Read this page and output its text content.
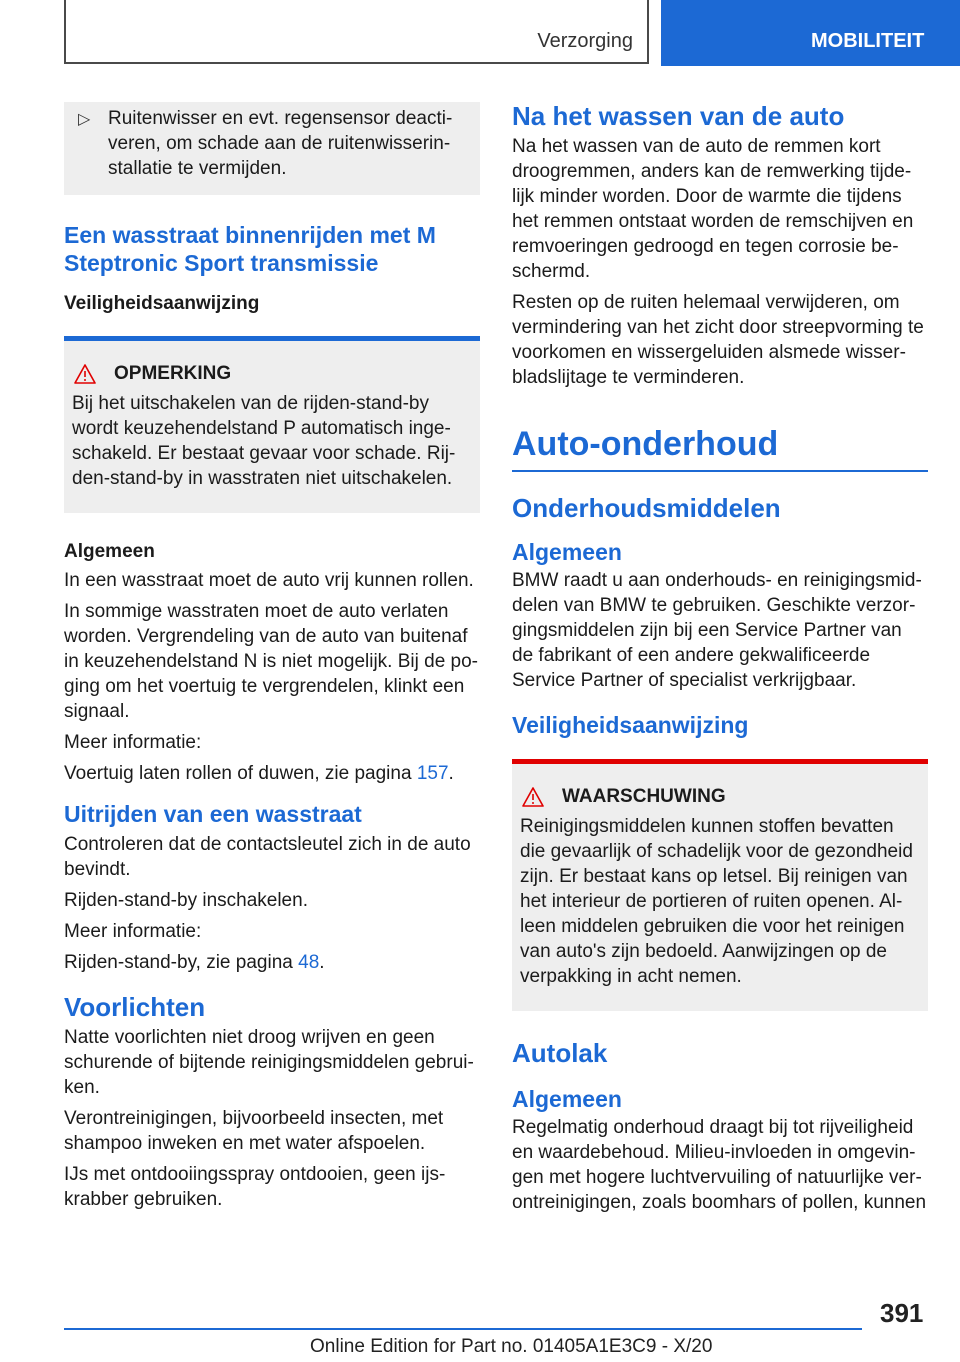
Verzorging	MOBILITEIT
▷ Ruitenwisser en evt. regensensor deacti-veren, om schade aan de ruitenwisserin-stallatie te vermijden.

Een wasstraat binnenrijden met M Steptronic Sport transmissie
Veiligheidsaanwijzing
OPMERKING

Bij het uitschakelen van de rijden-stand-by wordt keuzehendelstand P automatisch inge-schakeld. Er bestaat gevaar voor schade. Rij-den-stand-by in wasstraten niet uitschakelen.

Algemeen

In een wasstraat moet de auto vrij kunnen rollen.

In sommige wasstraten moet de auto verlaten worden. Vergrendeling van de auto van buitenaf in keuzehendelstand N is niet mogelijk. Bij de po-ging om het voertuig te vergrendelen, klinkt een signaal.

Meer informatie:

Voertuig laten rollen of duwen, zie pagina 157.

Uitrijden van een wasstraat

Controleren dat de contactsleutel zich in de auto bevindt.

Rijden-stand-by inschakelen.

Meer informatie:

Rijden-stand-by, zie pagina 48.

Voorlichten

Natte voorlichten niet droog wrijven en geen schurende of bijtende reinigingsmiddelen gebrui-ken.

Verontreinigingen, bijvoorbeeld insecten, met shampoo inweken en met water afspoelen.

IJs met ontdooiingsspray ontdooien, geen ijs-krabber gebruiken.

Na het wassen van de auto

Na het wassen van de auto de remmen kort droogremmen, anders kan de remwerking tijde-lijk minder worden. Door de warmte die tijdens het remmen ontstaat worden de remschijven en remvoeringen gedroogd en tegen corrosie be-schermd.

Resten op de ruiten helemaal verwijderen, om vermindering van het zicht door streepvorming te voorkomen en wissergeluiden alsmede wisser-bladslijtage te verminderen.

Auto-onderhoud
Onderhoudsmiddelen
Algemeen

BMW raadt u aan onderhouds- en reinigingsmid-delen van BMW te gebruiken. Geschikte verzor-gingsmiddelen zijn bij een Service Partner van de fabrikant of een andere gekwalificeerde Service Partner of specialist verkrijgbaar.

Veiligheidsaanwijzing
WAARSCHUWING

Reinigingsmiddelen kunnen stoffen bevatten die gevaarlijk of schadelijk voor de gezondheid zijn. Er bestaat kans op letsel. Bij reinigen van het interieur de portieren of ruiten openen. Al-leen middelen gebruiken die voor het reinigen van auto's zijn bedoeld. Aanwijzingen op de verpakking in acht nemen.

Autolak
Algemeen

Regelmatig onderhoud draagt bij tot rijveiligheid en waardebehoud. Milieu-invloeden in omgevin-gen met hogere luchtvervuiling of natuurlijke ver-ontreinigingen, zoals boomhars of pollen, kunnen

391
Online Edition for Part no. 01405A1E3C9 - X/20
